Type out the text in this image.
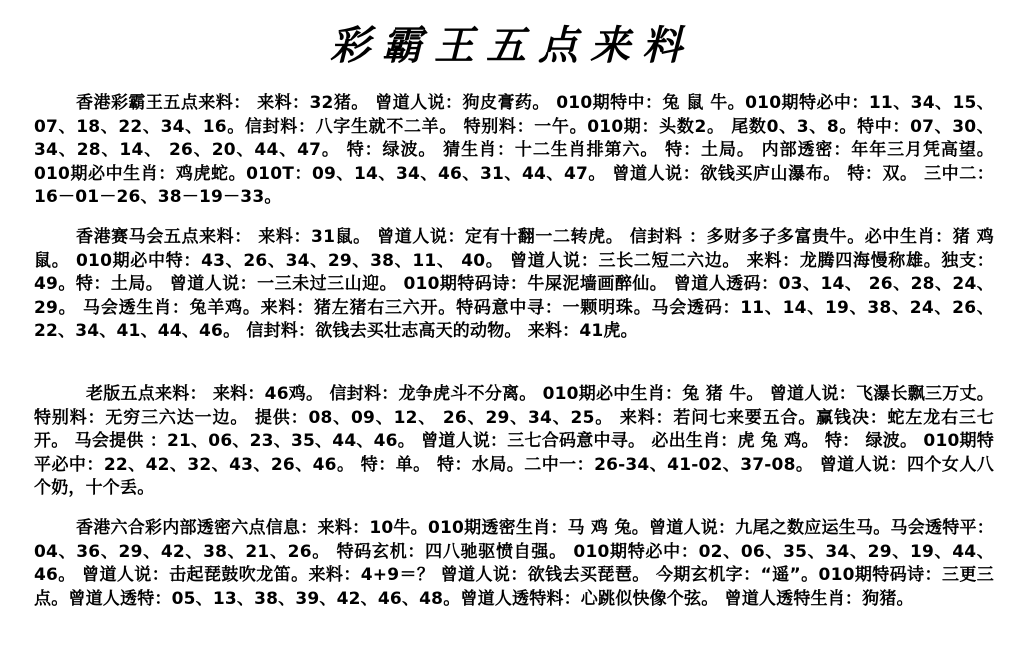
彩霸王五点来料

香港彩霸王五点来料： 来料：32猪。 曾道人说：狗皮膏药。 010期特中：兔 鼠 牛。010期特必中：11、34、15、07、18、22、34、16。信封料：八字生就不二羊。 特别料：一午。010期：头数2。 尾数0、3、8。特中：07、30、34、28、14、 26、20、44、47。 特：绿波。 猜生肖：十二生肖排第六。 特：土局。 内部透密：年年三月凭高望。 010期必中生肖：鸡虎蛇。010T：09、14、34、46、31、44、47。 曾道人说：欲钱买庐山瀑布。 特：双。 三中二：16－01－26、38－19－33。

香港赛马会五点来料： 来料：31鼠。 曾道人说：定有十翻一二转虎。 信封料 ：多财多子多富贵牛。必中生肖：猪 鸡 鼠。 010期必中特：43、26、34、29、38、11、 40。 曾道人说：三长二短二六边。 来料：龙腾四海慢称雄。独支：49。特：土局。 曾道人说：一三未过三山迎。 010期特码诗：牛屎泥墙画醉仙。 曾道人透码：03、14、 26、28、24、29。 马会透生肖：兔羊鸡。来料：猪左猪右三六开。特码意中寻：一颗明珠。马会透码：11、14、19、38、24、26、22、34、41、44、46。 信封料：欲钱去买壮志高天的动物。 来料：41虎。

老版五点来料： 来料：46鸡。 信封料：龙争虎斗不分离。 010期必中生肖：兔 猪 牛。 曾道人说：飞瀑长飘三万丈。特别料：无穷三六达一边。 提供：08、09、12、 26、29、34、25。 来料：若问七来要五合。赢钱决：蛇左龙右三七开。 马会提供 ：21、06、23、35、44、46。 曾道人说：三七合码意中寻。 必出生肖：虎 兔 鸡。 特： 绿波。 010期特平必中：22、42、32、43、26、46。 特：单。 特：水局。二中一：26-34、41-02、37-08。 曾道人说：四个女人八个奶，十个丢。

香港六合彩内部透密六点信息：来料：10牛。010期透密生肖：马 鸡 兔。曾道人说：九尾之数应运生马。马会透特平：04、36、29、42、38、21、26。 特码玄机：四八驰驱愤自强。 010期特必中：02、06、35、34、29、19、44、46。 曾道人说：击起琵鼓吹龙笛。来料：4+9＝？ 曾道人说：欲钱去买琵琶。 今期玄机字：“遥”。010期特码诗：三更三点。曾道人透特：05、13、38、39、42、46、48。曾道人透特料：心跳似快像个弦。 曾道人透特生肖：狗猪。
